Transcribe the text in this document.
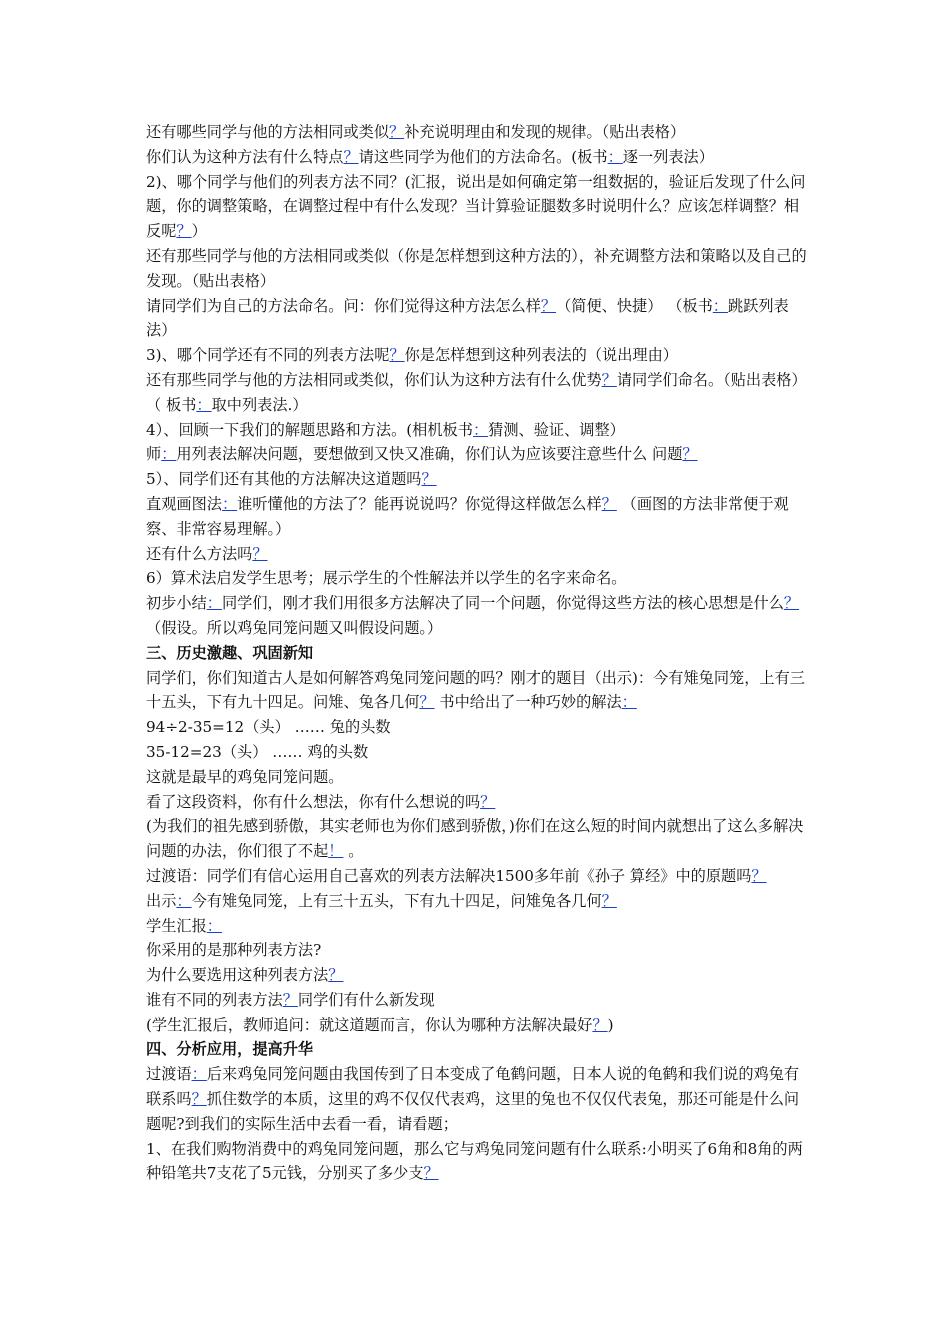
还有哪些同学与他的方法相同或类似？补充说明理由和发现的规律。（贴出表格）

你们认为这种方法有什么特点？请这些同学为他们的方法命名。(板书：逐一列表法）

2)、哪个同学与他们的列表方法不同？(汇报，说出是如何确定第一组数据的，验证后发现了什么问题，你的调整策略，在调整过程中有什么发现？当计算验证腿数多时说明什么？应该怎样调整？相反呢？）

还有那些同学与他的方法相同或类似（你是怎样想到这种方法的），补充调整方法和策略以及自己的发现。（贴出表格）

请同学们为自己的方法命名。问：你们觉得这种方法怎么样？（简便、快捷） （板书：跳跃列表法）

3)、哪个同学还有不同的列表方法呢？你是怎样想到这种列表法的（说出理由）

还有那些同学与他的方法相同或类似，你们认为这种方法有什么优势？请同学们命名。（贴出表格）

（ 板书：取中列表法.）

4）、回顾一下我们的解题思路和方法。(相机板书：猜测、验证、调整）

师：用列表法解决问题，要想做到又快又准确，你们认为应该要注意些什么 问题？

5）、同学们还有其他的方法解决这道题吗？

直观画图法：谁听懂他的方法了？能再说说吗？你觉得这样做怎么样？ （画图的方法非常便于观察、非常容易理解。）

还有什么方法吗？

6）算术法启发学生思考；展示学生的个性解法并以学生的名字来命名。

初步小结：同学们，刚才我们用很多方法解决了同一个问题，你觉得这些方法的核心思想是什么？（假设。所以鸡兔同笼问题又叫假设问题。）

三、历史激趣、巩固新知

同学们，你们知道古人是如何解答鸡兔同笼问题的吗？刚才的题目（出示)：今有雉兔同笼，上有三十五头，下有九十四足。问雉、兔各几何？ 书中给出了一种巧妙的解法：

94÷2-35=12（头） …… 兔的头数

35-12=23（头） …… 鸡的头数

这就是最早的鸡兔同笼问题。

看了这段资料，你有什么想法，你有什么想说的吗？

(为我们的祖先感到骄傲，其实老师也为你们感到骄傲，)你们在这么短的时间内就想出了这么多解决问题的办法，你们很了不起！ 。

过渡语：同学们有信心运用自己喜欢的列表方法解决1500多年前《孙子 算经》中的原题吗？

出示：今有雉兔同笼，上有三十五头，下有九十四足，问雉兔各几何？

学生汇报：

你采用的是那种列表方法?

为什么要选用这种列表方法？

谁有不同的列表方法？同学们有什么新发现

(学生汇报后，教师追问：就这道题而言，你认为哪种方法解决最好？)

四、分析应用，提高升华

过渡语：后来鸡兔同笼问题由我国传到了日本变成了龟鹤问题，日本人说的龟鹤和我们说的鸡兔有联系吗？抓住数学的本质，这里的鸡不仅仅代表鸡，这里的兔也不仅仅代表兔，那还可能是什么问题呢?到我们的实际生活中去看一看，请看题；

1、在我们购物消费中的鸡兔同笼问题，那么它与鸡兔同笼问题有什么联系:小明买了6角和8角的两种铅笔共7支花了5元钱，分别买了多少支？
